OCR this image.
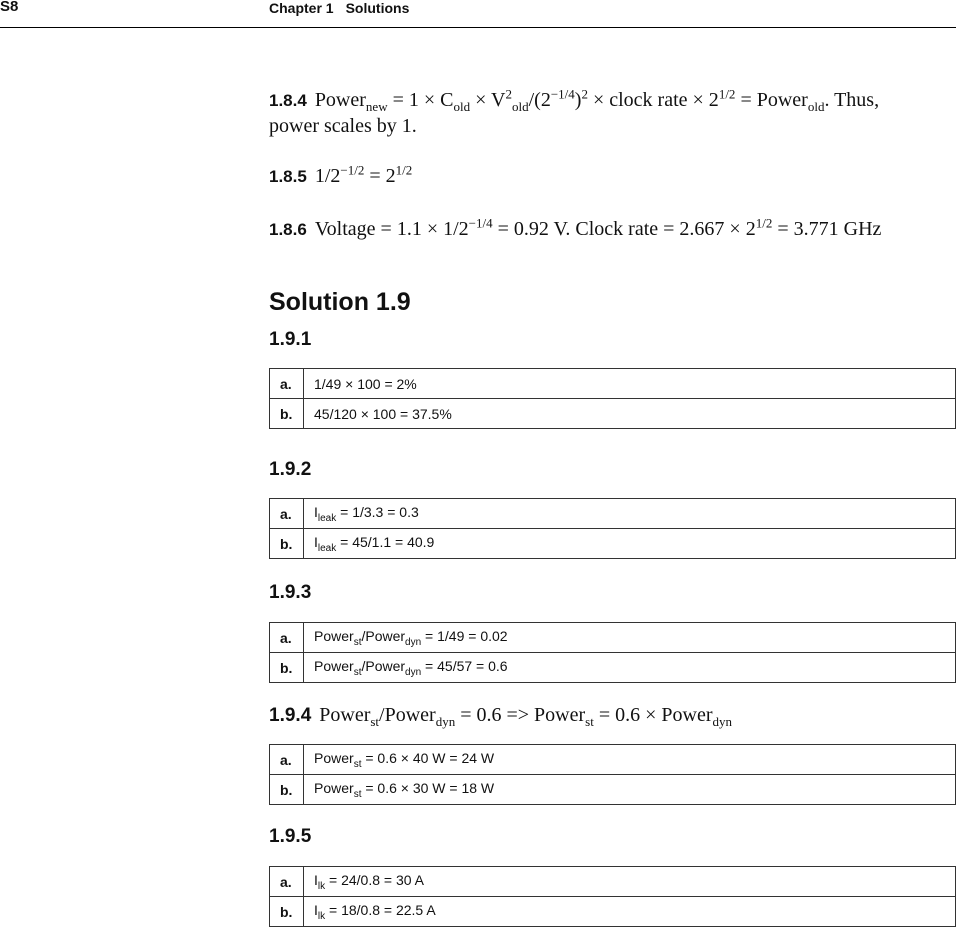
S8	Chapter 1 Solutions
1.8.4 Power$_{new}$ = $1 \times C_{old} \times V^2_{old}/(2^{-1/4})^2$ × clock rate × $2^{1/2}$ = Power$_{old}$. Thus,
power scales by 1.
1.8.5 $1/2^{-1/2} = 2^{1/2}$
1.8.6 Voltage = $1.1 \times 1/2^{-1/4} = 0.92$ V. Clock rate = $2.667 \times 2^{1/2} = 3.771$ GHz
Solution 1.9
1.9.1
a.	1/49 × 100 = 2%
b.	45/120 × 100 = 37.5%
1.9.2
a.	$I_{leak} = 1/3.3 = 0.3$
b.	$I_{leak} = 45/1.1 = 40.9$
1.9.3
a.	Power$_{st}$/Power$_{dyn}$ = 1/49 = 0.02
b.	Power$_{st}$/Power$_{dyn}$ = 45/57 = 0.6
1.9.4 Power$_{st}$/Power$_{dyn}$ = 0.6 => Power$_{st}$ = 0.6 × Power$_{dyn}$
a.	Power$_{st}$ = 0.6 × 40 W = 24 W
b.	Power$_{st}$ = 0.6 × 30 W = 18 W
1.9.5
a.	$I_{lk} = 24/0.8 = 30$ A
b.	$I_{lk} = 18/0.8 = 22.5$ A
